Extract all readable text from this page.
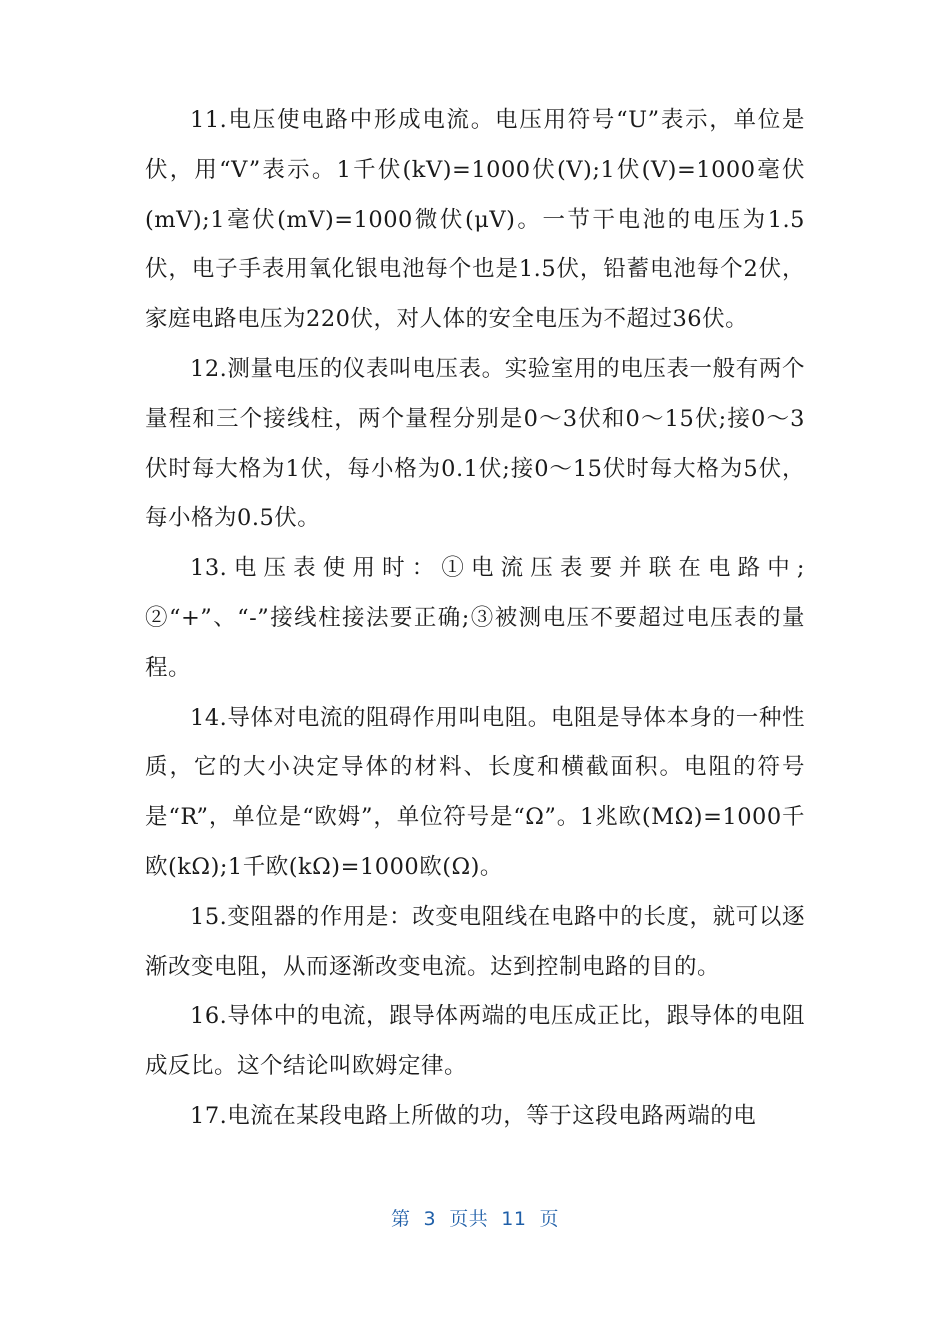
11.电压使电路中形成电流。电压用符号“U”表示，单位是伏，用“V”表示。1千伏(kV)=1000伏(V);1伏(V)=1000毫伏(mV);1毫伏(mV)=1000微伏(μV)。一节干电池的电压为1.5伏，电子手表用氧化银电池每个也是1.5伏，铅蓄电池每个2伏，家庭电路电压为220伏，对人体的安全电压为不超过36伏。

12.测量电压的仪表叫电压表。实验室用的电压表一般有两个量程和三个接线柱，两个量程分别是0～3伏和0～15伏;接0～3伏时每大格为1伏，每小格为0.1伏;接0～15伏时每大格为5伏，每小格为0.5伏。

13.电压表使用时：①电流压表要并联在电路中;②“+”、“-”接线柱接法要正确;③被测电压不要超过电压表的量程。

14.导体对电流的阻碍作用叫电阻。电阻是导体本身的一种性质，它的大小决定导体的材料、长度和横截面积。电阻的符号是“R”，单位是“欧姆”，单位符号是“Ω”。1兆欧(MΩ)=1000千欧(kΩ);1千欧(kΩ)=1000欧(Ω)。

15.变阻器的作用是：改变电阻线在电路中的长度，就可以逐渐改变电阻，从而逐渐改变电流。达到控制电路的目的。

16.导体中的电流，跟导体两端的电压成正比，跟导体的电阻成反比。这个结论叫欧姆定律。

17.电流在某段电路上所做的功，等于这段电路两端的电

第  3  页共  11  页
